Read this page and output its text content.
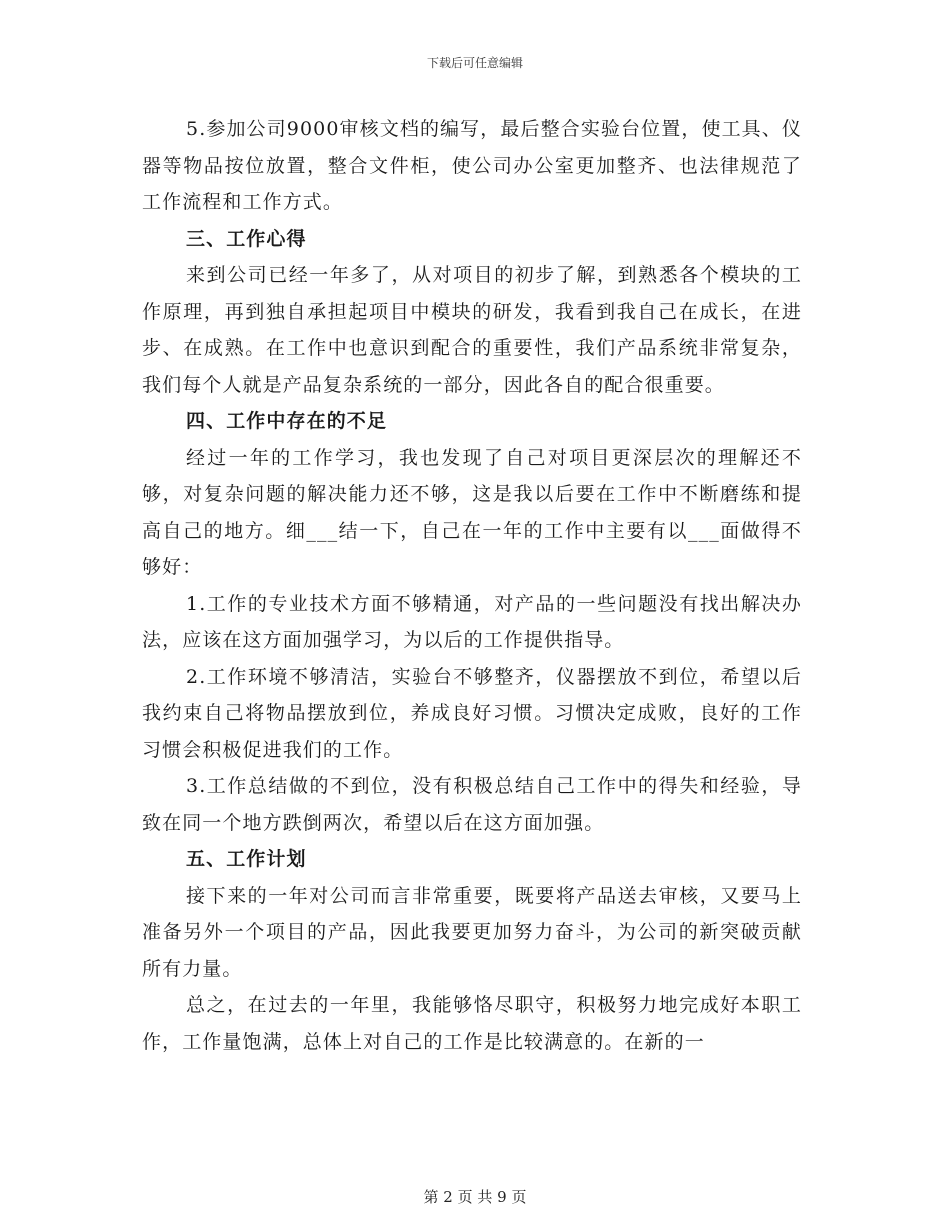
下载后可任意编辑

5.参加公司9000审核文档的编写，最后整合实验台位置，使工具、仪器等物品按位放置，整合文件柜，使公司办公室更加整齐、也法律规范了工作流程和工作方式。

三、工作心得

来到公司已经一年多了，从对项目的初步了解，到熟悉各个模块的工作原理，再到独自承担起项目中模块的研发，我看到我自己在成长，在进步、在成熟。在工作中也意识到配合的重要性，我们产品系统非常复杂，我们每个人就是产品复杂系统的一部分，因此各自的配合很重要。

四、工作中存在的不足

经过一年的工作学习，我也发现了自己对项目更深层次的理解还不够，对复杂问题的解决能力还不够，这是我以后要在工作中不断磨练和提高自己的地方。细___结一下，自己在一年的工作中主要有以___面做得不够好：

1.工作的专业技术方面不够精通，对产品的一些问题没有找出解决办法，应该在这方面加强学习，为以后的工作提供指导。

2.工作环境不够清洁，实验台不够整齐，仪器摆放不到位，希望以后我约束自己将物品摆放到位，养成良好习惯。习惯决定成败，良好的工作习惯会积极促进我们的工作。

3.工作总结做的不到位，没有积极总结自己工作中的得失和经验，导致在同一个地方跌倒两次，希望以后在这方面加强。

五、工作计划

接下来的一年对公司而言非常重要，既要将产品送去审核，又要马上准备另外一个项目的产品，因此我要更加努力奋斗，为公司的新突破贡献所有力量。

总之，在过去的一年里，我能够恪尽职守，积极努力地完成好本职工作，工作量饱满，总体上对自己的工作是比较满意的。在新的一

第 2 页 共 9 页
